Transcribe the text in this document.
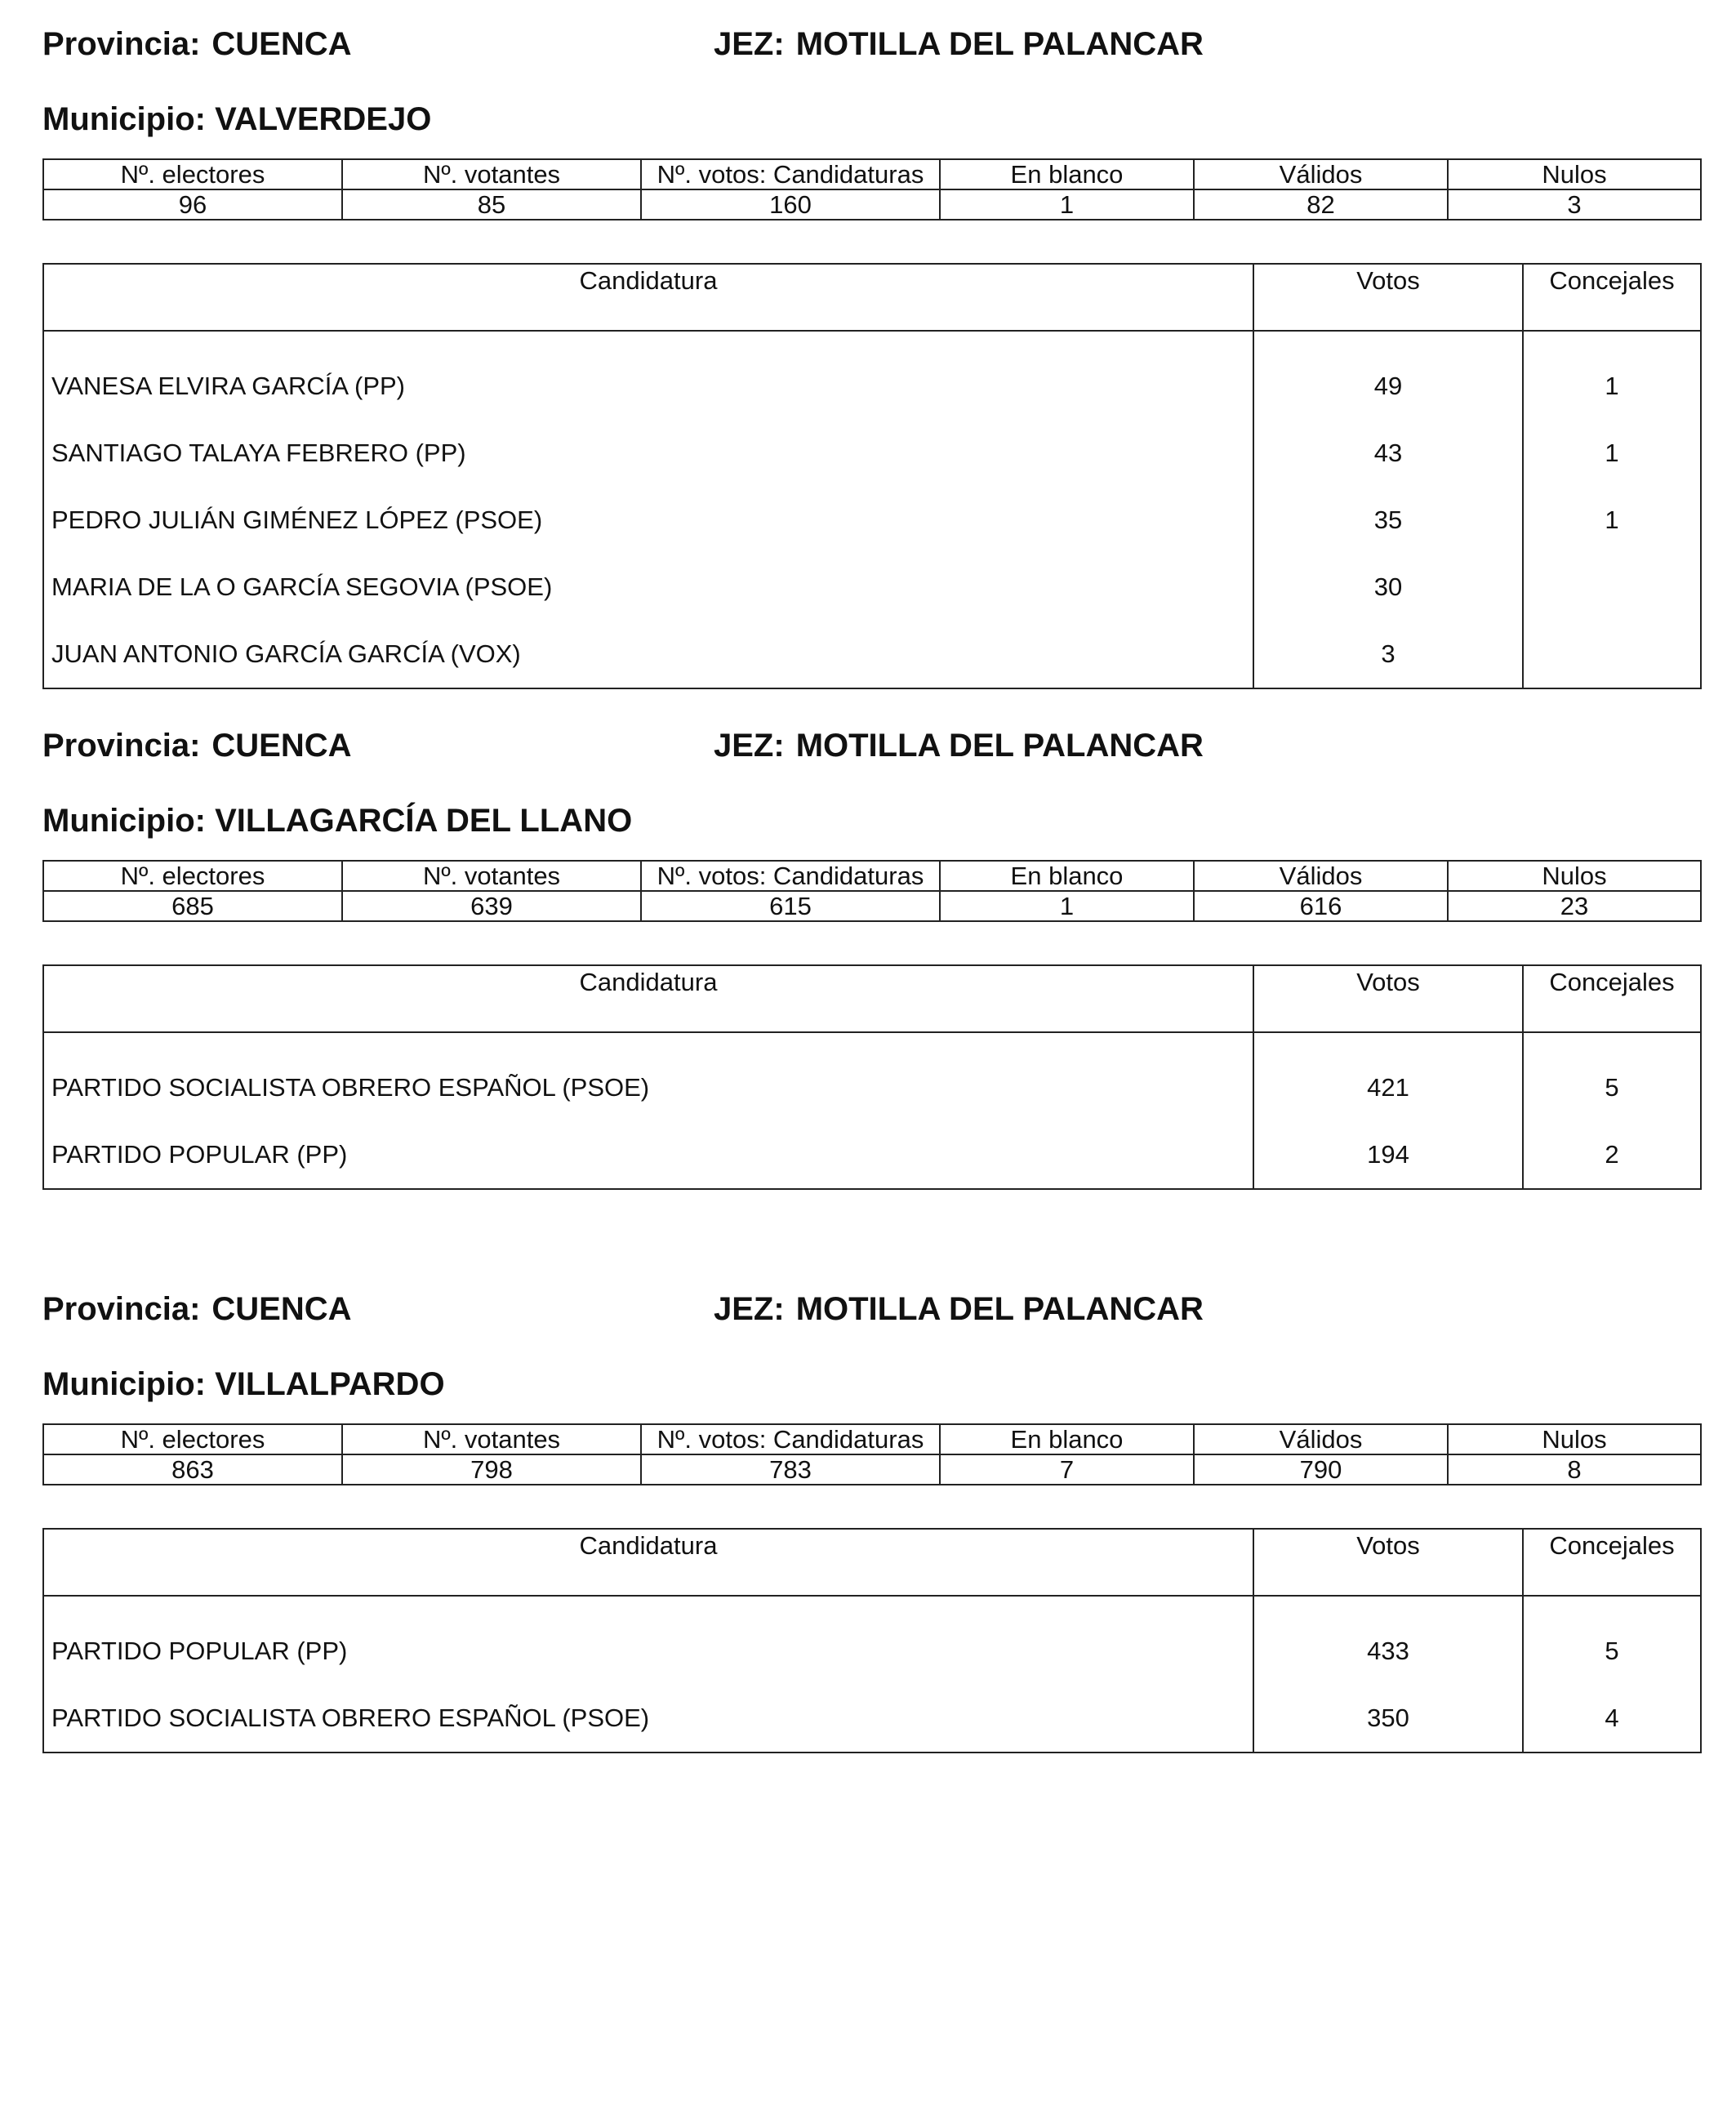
Provincia: CUENCA	JEZ: MOTILLA DEL PALANCAR
Municipio: VALVERDEJO
Nº. electores	Nº. votantes	Nº. votos: Candidaturas	En blanco	Válidos	Nulos
96	85	160	1	82	3
Candidatura	Votos	Concejales
VANESA ELVIRA GARCÍA (PP)	49	1
SANTIAGO TALAYA FEBRERO (PP)	43	1
PEDRO JULIÁN GIMÉNEZ LÓPEZ (PSOE)	35	1
MARIA DE LA O GARCÍA SEGOVIA (PSOE)	30	
JUAN ANTONIO GARCÍA GARCÍA (VOX)	3	
Provincia: CUENCA	JEZ: MOTILLA DEL PALANCAR
Municipio: VILLAGARCÍA DEL LLANO
Nº. electores	Nº. votantes	Nº. votos: Candidaturas	En blanco	Válidos	Nulos
685	639	615	1	616	23
Candidatura	Votos	Concejales
PARTIDO SOCIALISTA OBRERO ESPAÑOL (PSOE)	421	5
PARTIDO POPULAR (PP)	194	2
Provincia: CUENCA	JEZ: MOTILLA DEL PALANCAR
Municipio: VILLALPARDO
Nº. electores	Nº. votantes	Nº. votos: Candidaturas	En blanco	Válidos	Nulos
863	798	783	7	790	8
Candidatura	Votos	Concejales
PARTIDO POPULAR (PP)	433	5
PARTIDO SOCIALISTA OBRERO ESPAÑOL (PSOE)	350	4
